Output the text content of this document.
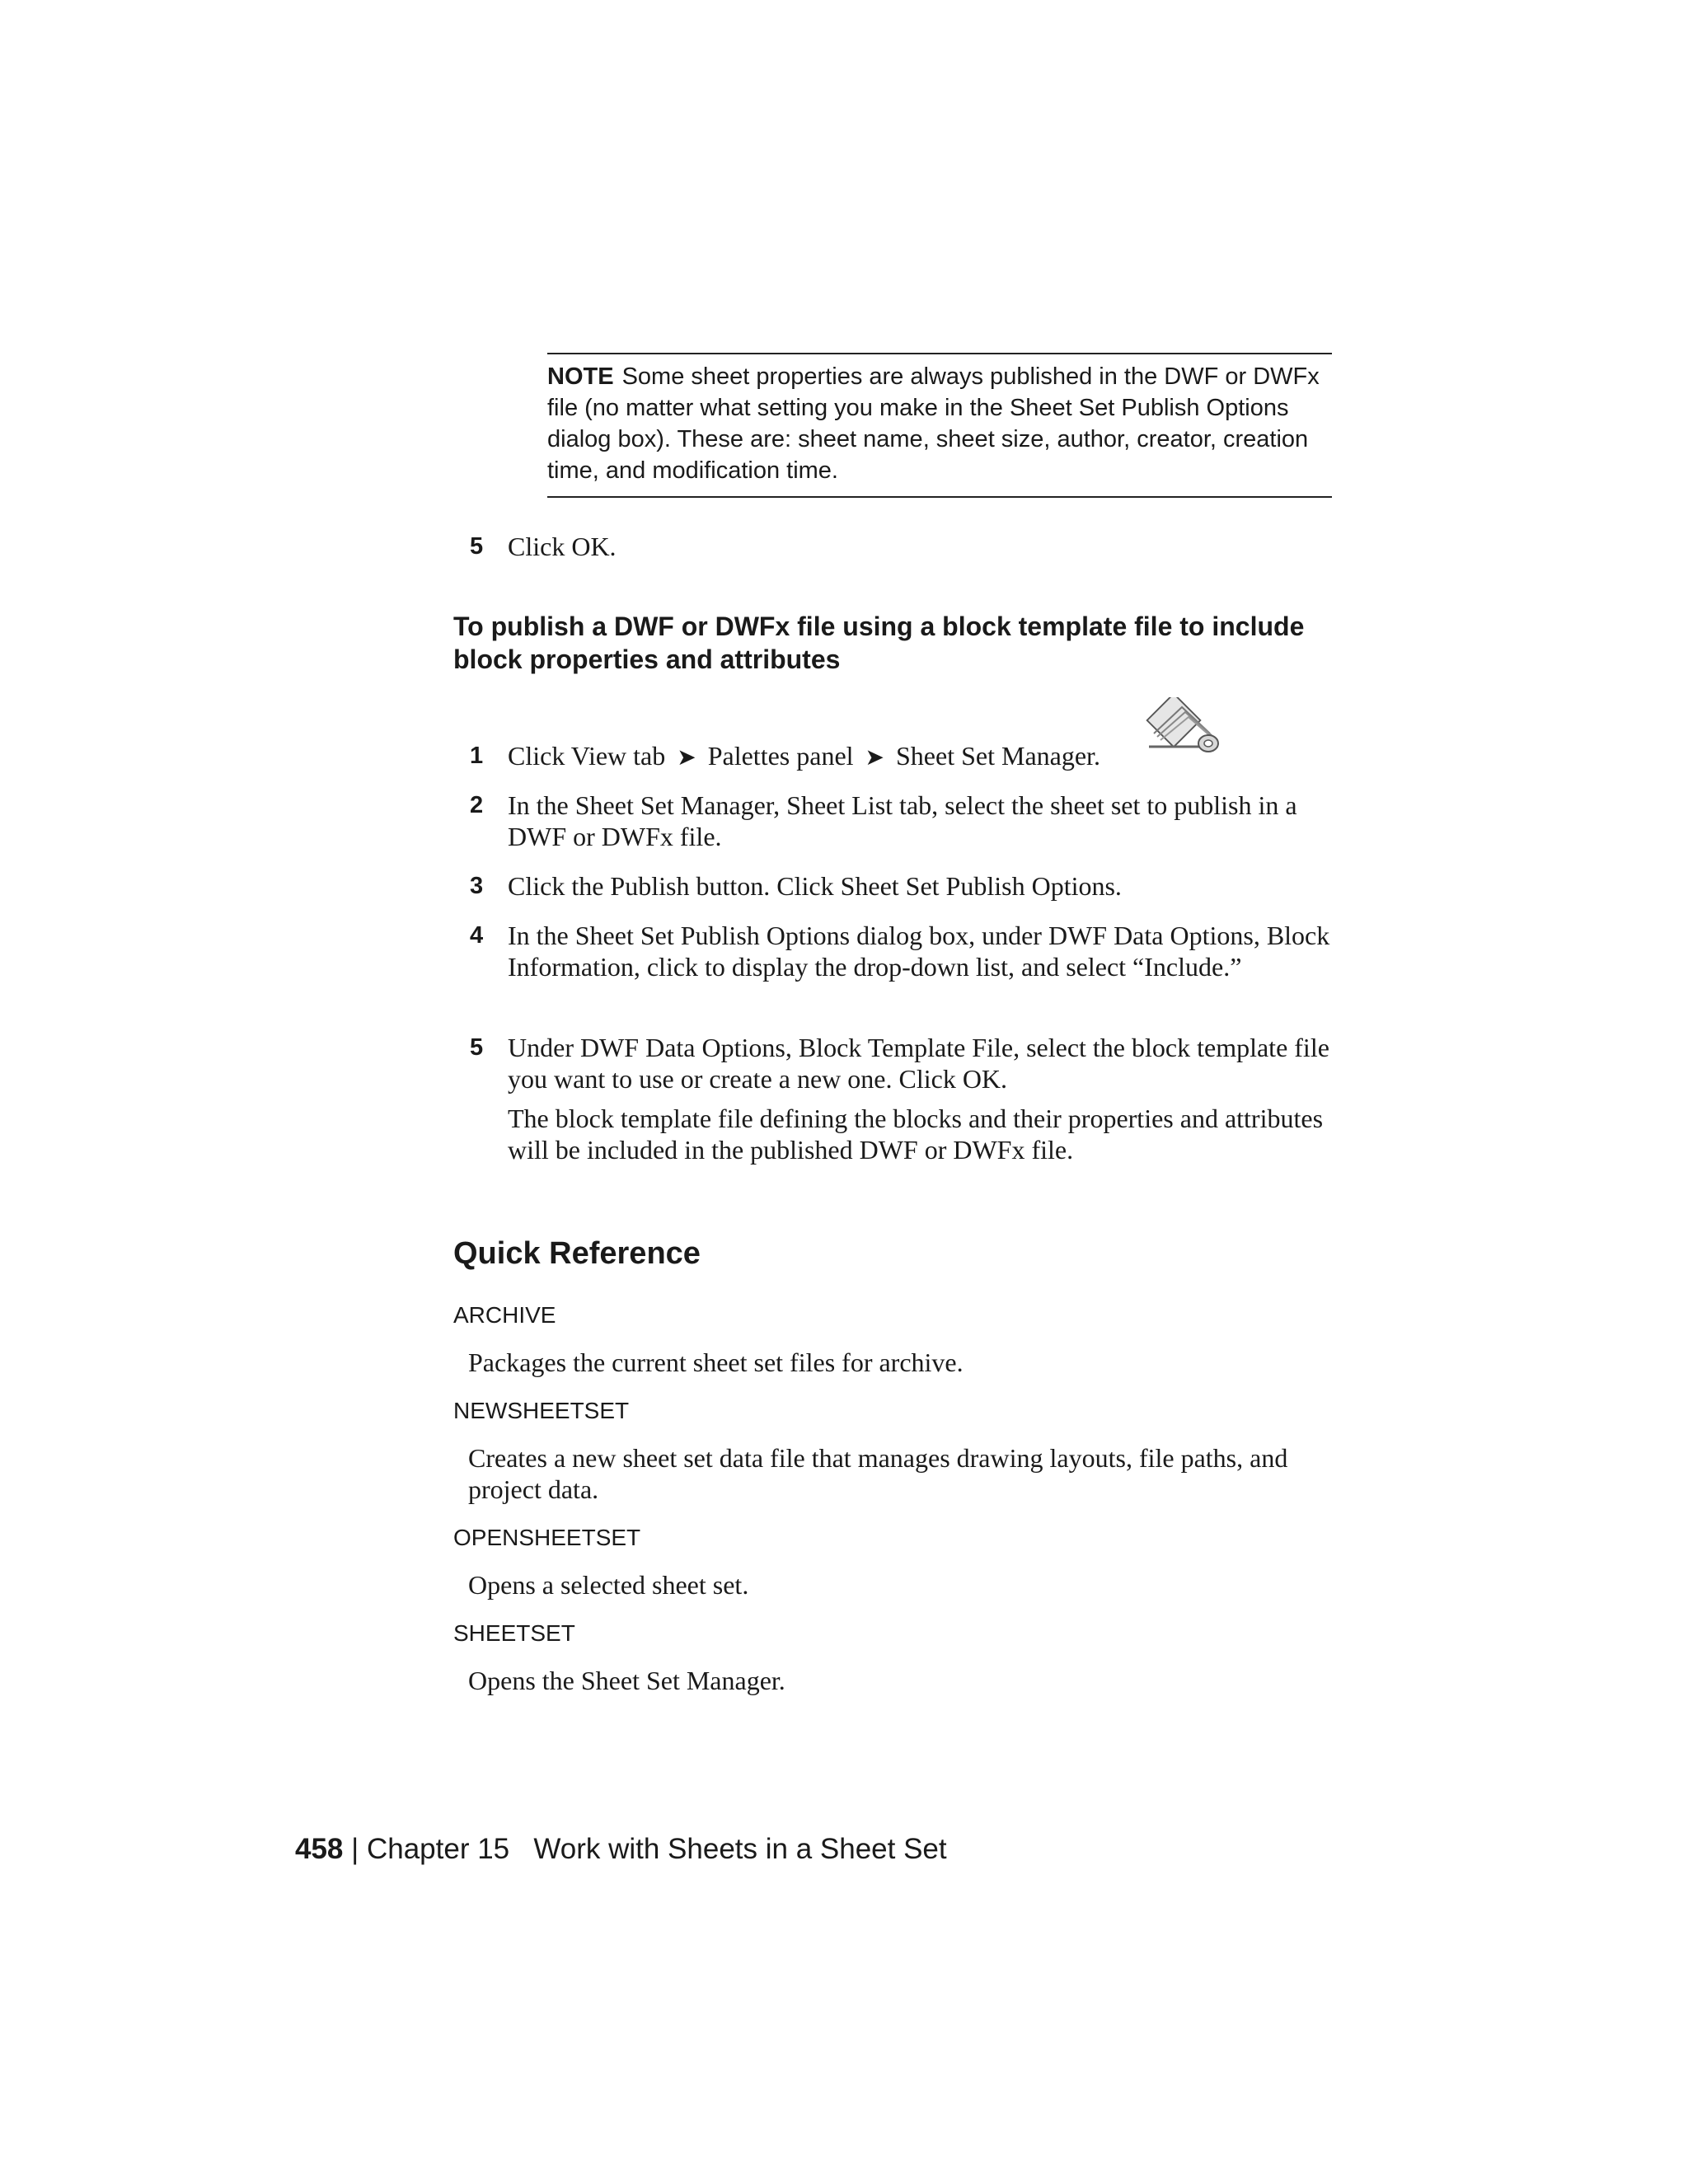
NOTE Some sheet properties are always published in the DWF or DWFx file (no matter what setting you make in the Sheet Set Publish Options dialog box). These are: sheet name, sheet size, author, creator, creation time, and modification time.
5 Click OK.
To publish a DWF or DWFx file using a block template file to include block properties and attributes
1 Click View tab ➤ Palettes panel ➤ Sheet Set Manager.
2 In the Sheet Set Manager, Sheet List tab, select the sheet set to publish in a DWF or DWFx file.
3 Click the Publish button. Click Sheet Set Publish Options.
4 In the Sheet Set Publish Options dialog box, under DWF Data Options, Block Information, click to display the drop-down list, and select “Include.”
5 Under DWF Data Options, Block Template File, select the block template file you want to use or create a new one. Click OK.
The block template file defining the blocks and their properties and attributes will be included in the published DWF or DWFx file.
Quick Reference
ARCHIVE
Packages the current sheet set files for archive.
NEWSHEETSET
Creates a new sheet set data file that manages drawing layouts, file paths, and project data.
OPENSHEETSET
Opens a selected sheet set.
SHEETSET
Opens the Sheet Set Manager.
458 | Chapter 15 Work with Sheets in a Sheet Set
